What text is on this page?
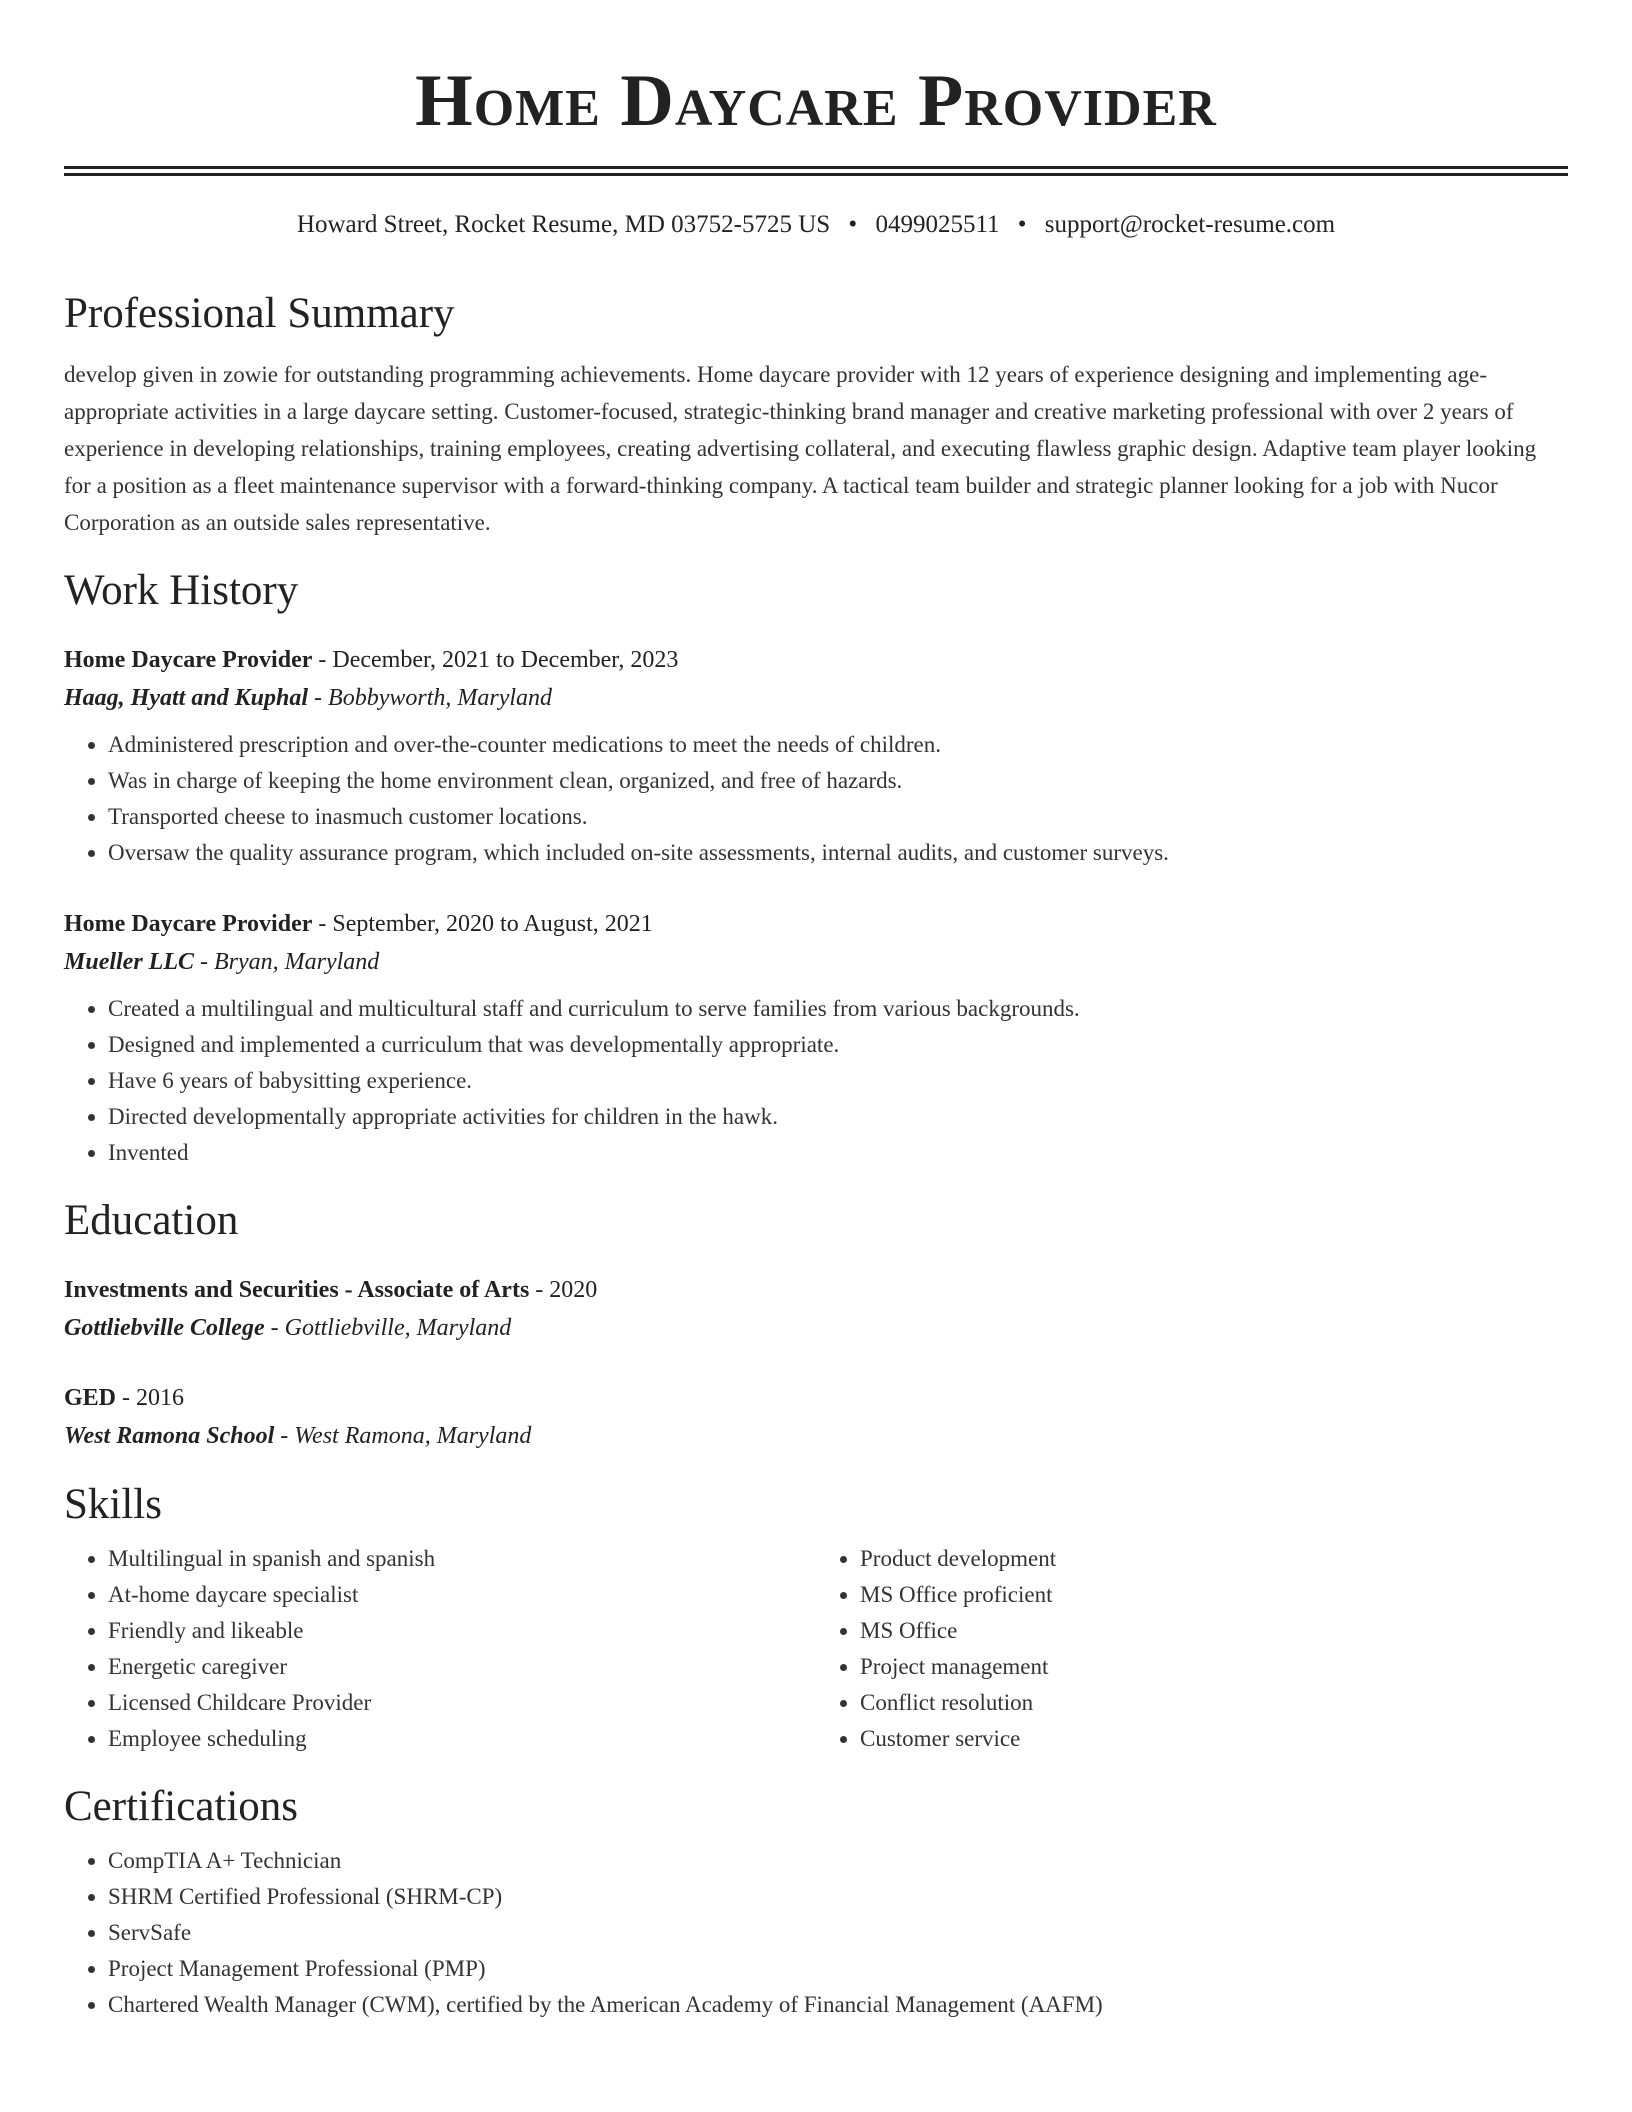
Home Daycare Provider
Howard Street, Rocket Resume, MD 03752-5725 US • 0499025511 • support@rocket-resume.com
Professional Summary
develop given in zowie for outstanding programming achievements. Home daycare provider with 12 years of experience designing and implementing age-appropriate activities in a large daycare setting. Customer-focused, strategic-thinking brand manager and creative marketing professional with over 2 years of experience in developing relationships, training employees, creating advertising collateral, and executing flawless graphic design. Adaptive team player looking for a position as a fleet maintenance supervisor with a forward-thinking company. A tactical team builder and strategic planner looking for a job with Nucor Corporation as an outside sales representative.
Work History
Home Daycare Provider - December, 2021 to December, 2023
Haag, Hyatt and Kuphal - Bobbyworth, Maryland
• Administered prescription and over-the-counter medications to meet the needs of children.
• Was in charge of keeping the home environment clean, organized, and free of hazards.
• Transported cheese to inasmuch customer locations.
• Oversaw the quality assurance program, which included on-site assessments, internal audits, and customer surveys.
Home Daycare Provider - September, 2020 to August, 2021
Mueller LLC - Bryan, Maryland
• Created a multilingual and multicultural staff and curriculum to serve families from various backgrounds.
• Designed and implemented a curriculum that was developmentally appropriate.
• Have 6 years of babysitting experience.
• Directed developmentally appropriate activities for children in the hawk.
• Invented
Education
Investments and Securities - Associate of Arts - 2020
Gottliebville College - Gottliebville, Maryland
GED - 2016
West Ramona School - West Ramona, Maryland
Skills
• Multilingual in spanish and spanish
• At-home daycare specialist
• Friendly and likeable
• Energetic caregiver
• Licensed Childcare Provider
• Employee scheduling
• Product development
• MS Office proficient
• MS Office
• Project management
• Conflict resolution
• Customer service
Certifications
• CompTIA A+ Technician
• SHRM Certified Professional (SHRM-CP)
• ServSafe
• Project Management Professional (PMP)
• Chartered Wealth Manager (CWM), certified by the American Academy of Financial Management (AAFM)
